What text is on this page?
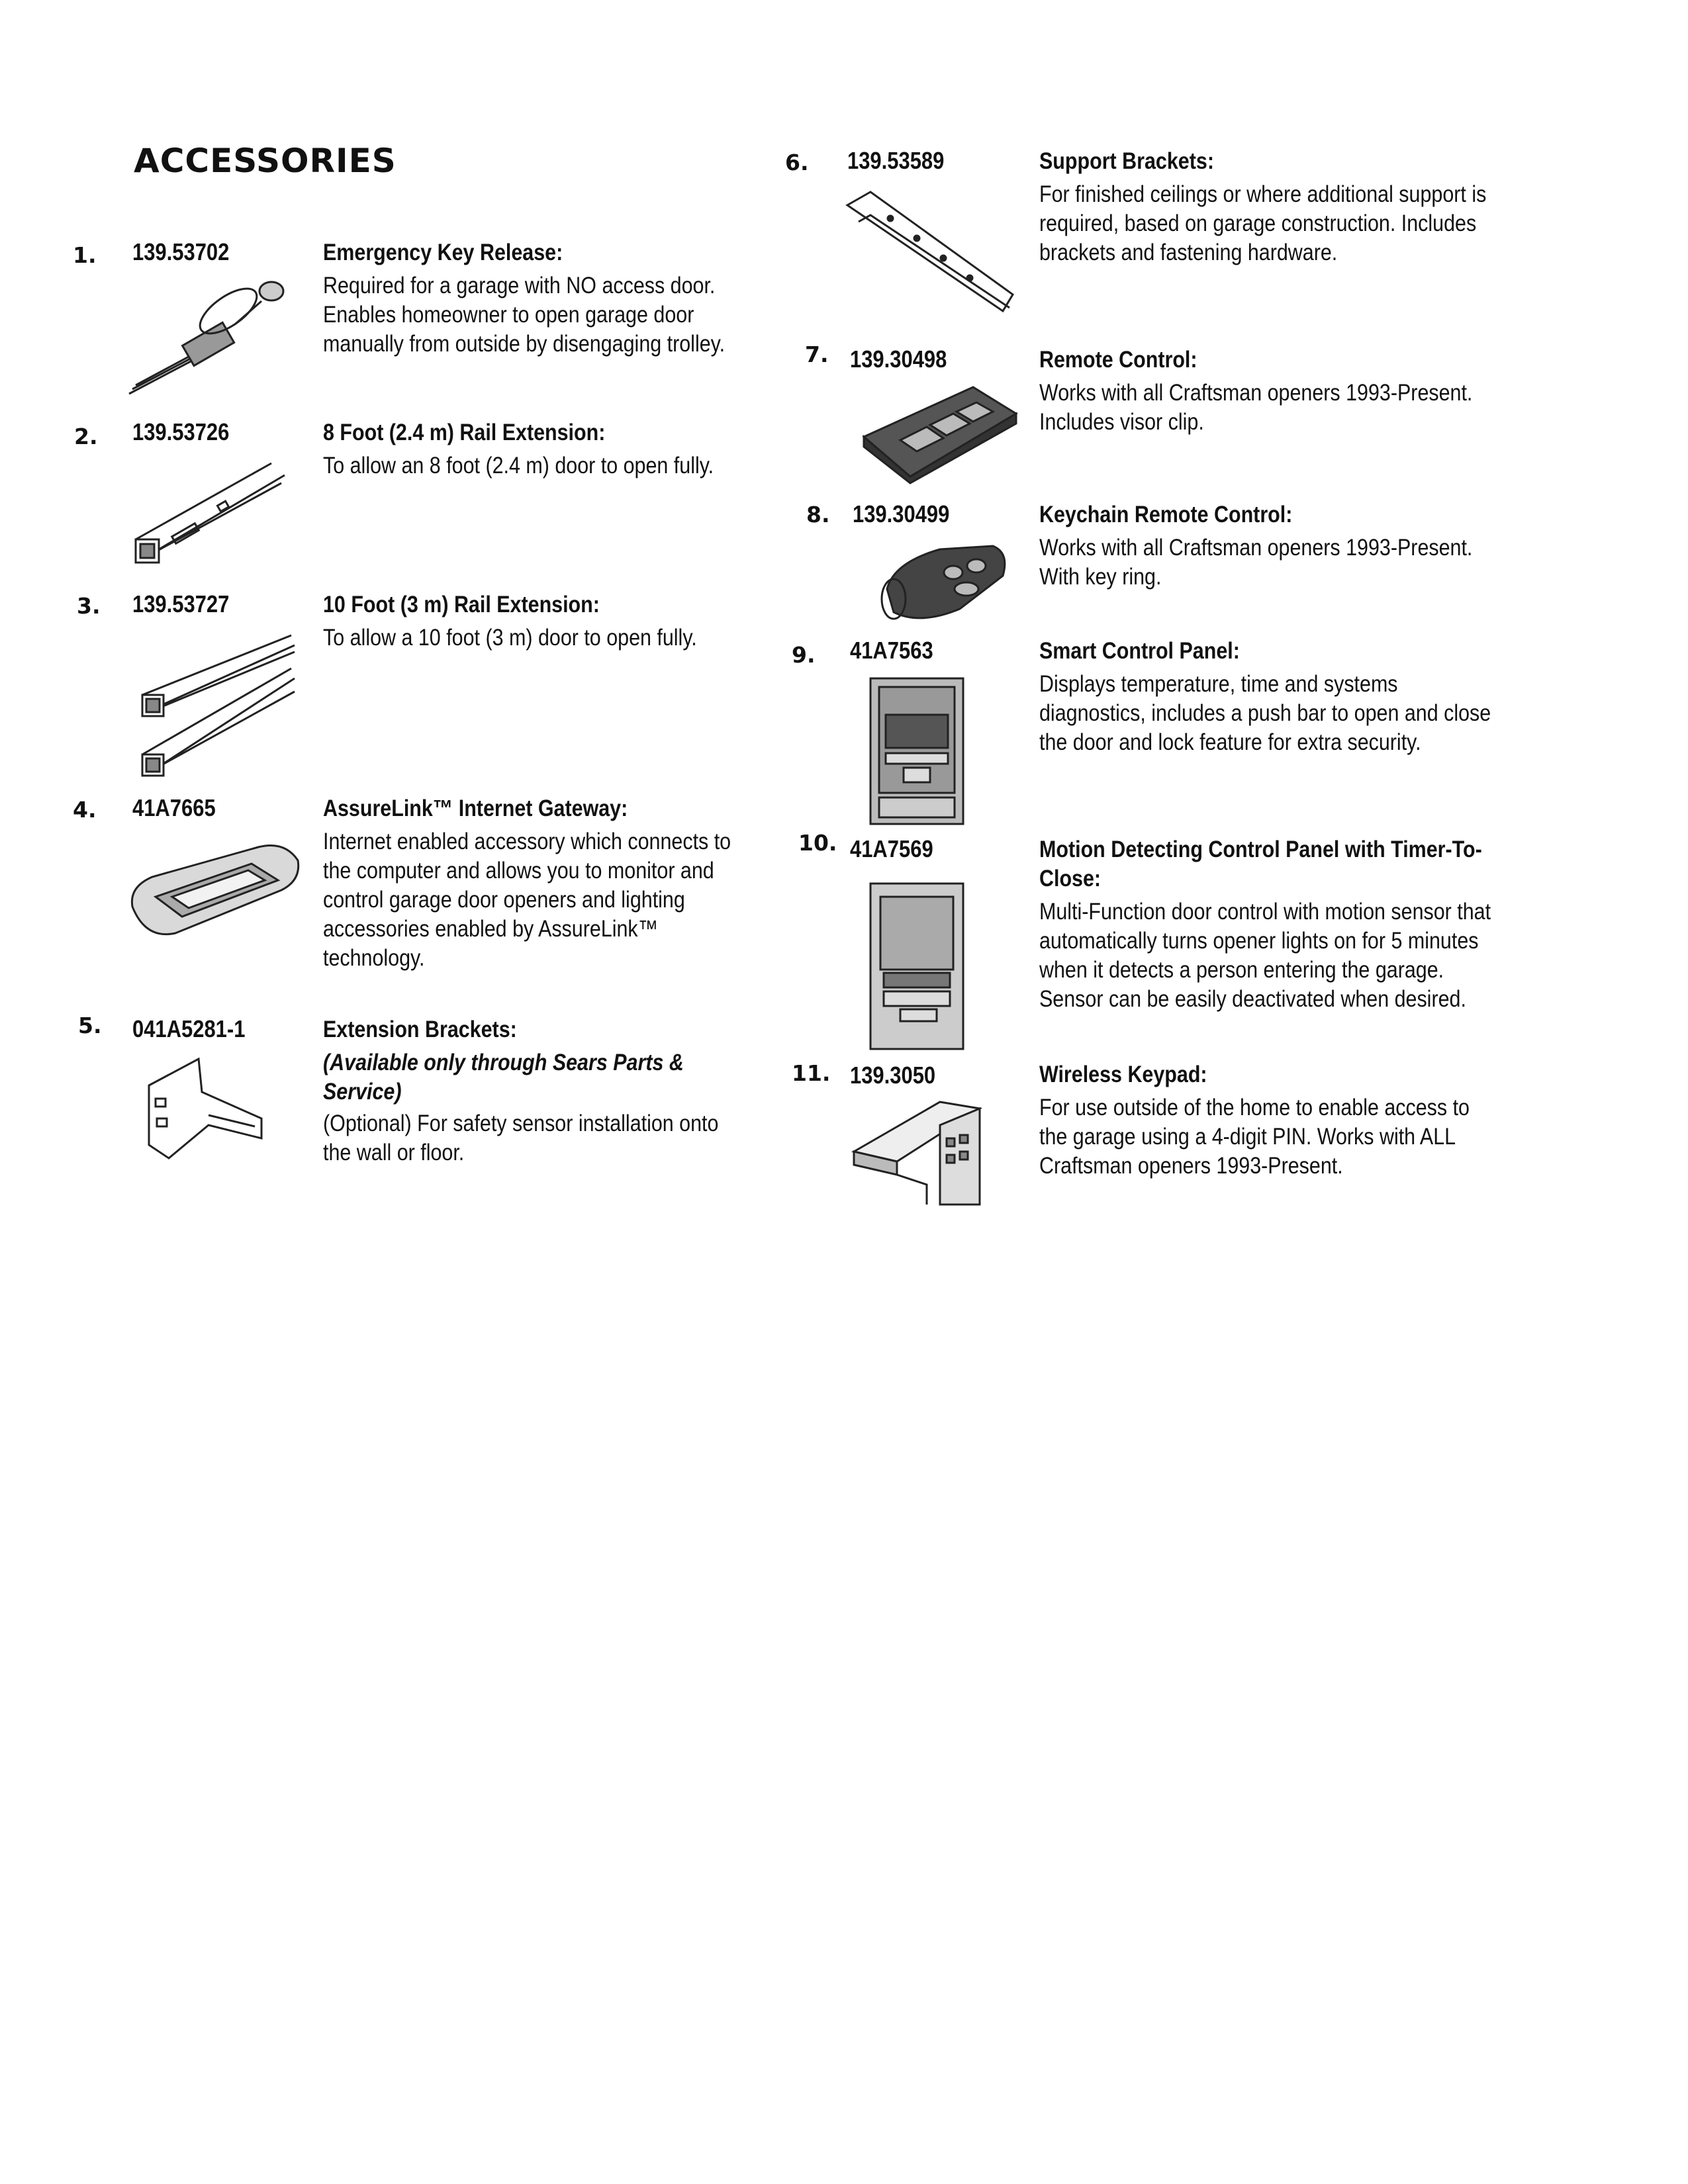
ACCESSORIES
1. 139.53702	Emergency Key Release:
Required for a garage with NO access door. Enables homeowner to open garage door manually from outside by disengaging trolley.
2. 139.53726	8 Foot (2.4 m) Rail Extension:
To allow an 8 foot (2.4 m) door to open fully.
3. 139.53727	10 Foot (3 m) Rail Extension:
To allow a 10 foot (3 m) door to open fully.
4. 41A7665	AssureLink™ Internet Gateway:
Internet enabled accessory which connects to the computer and allows you to monitor and control garage door openers and lighting accessories enabled by AssureLink™ technology.
5. 041A5281-1	Extension Brackets:
(Available only through Sears Parts & Service)
(Optional) For safety sensor installation onto the wall or floor.
6. 139.53589	Support Brackets:
For finished ceilings or where additional support is required, based on garage construction. Includes brackets and fastening hardware.
7. 139.30498	Remote Control:
Works with all Craftsman openers 1993-Present. Includes visor clip.
8. 139.30499	Keychain Remote Control:
Works with all Craftsman openers 1993-Present. With key ring.
9. 41A7563	Smart Control Panel:
Displays temperature, time and systems diagnostics, includes a push bar to open and close the door and lock feature for extra security.
10. 41A7569	Motion Detecting Control Panel with Timer-To-Close:
Multi-Function door control with motion sensor that automatically turns opener lights on for 5 minutes when it detects a person entering the garage. Sensor can be easily deactivated when desired.
11. 139.3050	Wireless Keypad:
For use outside of the home to enable access to the garage using a 4-digit PIN. Works with ALL Craftsman openers 1993-Present.
